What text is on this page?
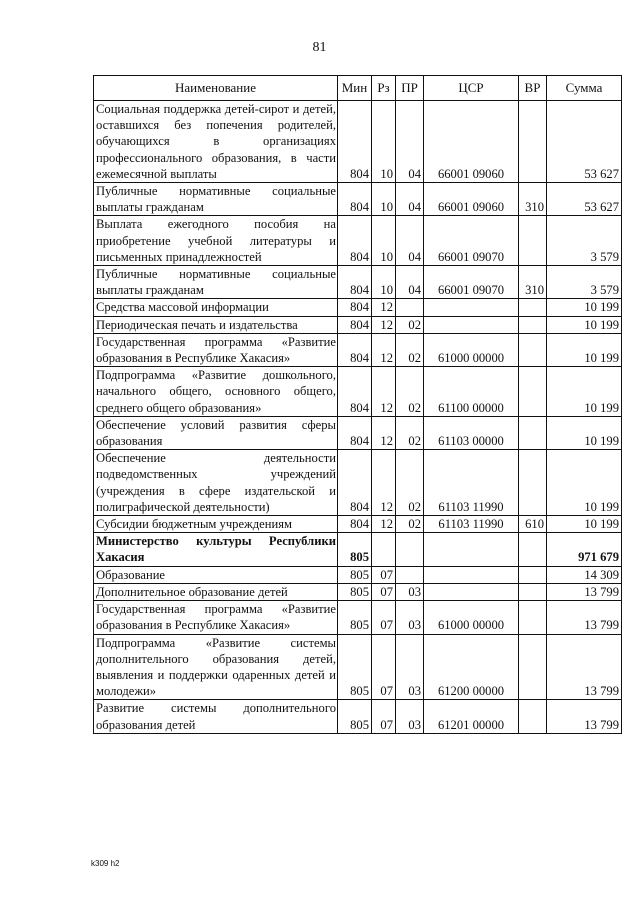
81
Наименование	Мин	Рз	ПР	ЦСР	ВР	Сумма
Социальная поддержка детей-сирот и детей, оставшихся без попечения родителей, обучающихся в организациях профессионального образования, в части ежемесячной выплаты	804	10	04	66001 09060		53 627
Публичные нормативные социальные выплаты гражданам	804	10	04	66001 09060	310	53 627
Выплата ежегодного пособия на приобретение учебной литературы и письменных принадлежностей	804	10	04	66001 09070		3 579
Публичные нормативные социальные выплаты гражданам	804	10	04	66001 09070	310	3 579
Средства массовой информации	804	12				10 199
Периодическая печать и издательства	804	12	02			10 199
Государственная программа «Развитие образования в Республике Хакасия»	804	12	02	61000 00000		10 199
Подпрограмма «Развитие дошкольного, начального общего, основного общего, среднего общего образования»	804	12	02	61100 00000		10 199
Обеспечение условий развития сферы образования	804	12	02	61103 00000		10 199
Обеспечение деятельности подведомственных учреждений (учреждения в сфере издательской и полиграфической деятельности)	804	12	02	61103 11990		10 199
Субсидии бюджетным учреждениям	804	12	02	61103 11990	610	10 199
Министерство культуры Республики Хакасия	805					971 679
Образование	805	07				14 309
Дополнительное образование детей	805	07	03			13 799
Государственная программа «Развитие образования в Республике Хакасия»	805	07	03	61000 00000		13 799
Подпрограмма «Развитие системы дополнительного образования детей, выявления и поддержки одаренных детей и молодежи»	805	07	03	61200 00000		13 799
Развитие системы дополнительного образования детей	805	07	03	61201 00000		13 799
k309 h2
